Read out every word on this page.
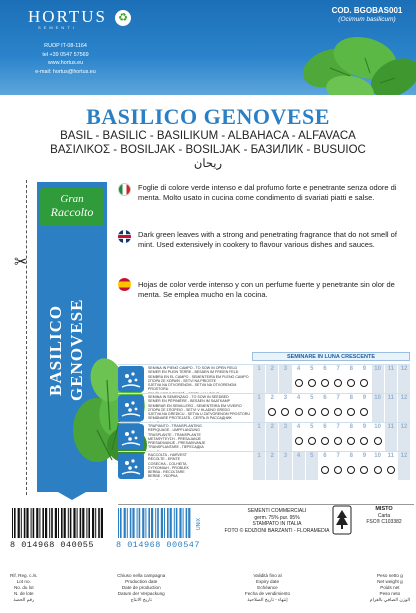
HORTUS
SEMENTI
♻
RUOP IT-08-1164
tel +39 0547 57569
www.hortus.eu
e-mail: hortus@hortus.eu
COD. BGOBAS001
(Ocimum basilicum)
BASILICO GENOVESE
BASIL - BASILIC - BASILIKUM - ALBAHACA - ALFAVACA
ΒΑΣΙΛΙΚΟΣ - BOSILJAK - BOSILJAK - БАЗИЛИК - BUSUIOC
ريحان
✂
Gran
Raccolto
BASILICO GENOVESE
Foglie di colore verde intenso e dal profumo forte e penetrante senza odore di menta. Molto usato in cucina come condimento di svariati piatti e salse.
Dark green leaves with a strong and penetrating fragrance that do not smell of mint. Used extensively in cookery to flavour various dishes and sauces.
Hojas de color verde intenso y con un perfume fuerte y penetrante sin olor de menta. Se emplea mucho en la cocina.
SEMINARE IN LUNA CRESCENTE
SEMINA IN PIENO CAMPO - TO SOW IN OPEN FIELD
SEMER EN PLEIN TERRE - BESÄEN IM FREIEN FELD
SEMBRA EN EL CAMPO - SEMENTEIRA EM PLENO CAMPO
ΣΠΟΡΑ ΣΕ ΧΩΡΑΦΙ - SETVI NA PRIOSTE
SJETVA NA OTVORENOM - SETVA NA OTVORENOM PROSTORU

1	2	3	4	5	6	7	8	9	10	11	12
SEMINA IN SEMENZAIO - TO SOW IN SEEDBED
SEMER EN PÉPINIÈRE - BESÄEN IM SAATKAMP
SEMBRAR EN SEMILLERO - SEMENTEIRA EM VIVEIRO
ΣΠΟΡΑ ΣΕ ΣΠΟΡΕΙΟ - SETVI V HLADNO GREDO
SJETVA NA GREDICU - SETVA U ZATVORENOM PROSTORU
SEMĂNARE PROTEJATĂ - СЕЯТЬ В РАССАДНИК

1	2	3	4	5	6	7	8	9	10	11	12
TRAPIANTO - TRANSPLANTING
REPIQUAGE - UMPFLANZUNG
TRASPLANTE - TRANSPLANTE
ΜΕΤΑΦΥΤΕΥΣΗ - PRESAJANJE
PRESAĐIVANJE - PRESAĐIVANJE
TRANSPLANTARE - ПЕРЕСАДКА

1	2	3	4	5	6	7	8	9	10	11	12
RACCOLTA - HARVEST
RÉCOLTE - ERNTE
COSECHA - COLHEITA
ΣΥΓΚΟΜΙΔΗ - PROBLEK
BERBA - RECOLTARE
BERBE - УБОРКА

1	2	3	4	5	6	7	8	9	10	11	12
8 014968 040055	8 014968 000547
UNIX
SEMENTI COMMERCIALI
germ. 75% pur. 95%
STAMPATO IN ITALIA
FOTO © EDIZIONI BARZANTI - FLORAMEDIA
MISTO
Carta
FSC® C103382
Rif. Reg. c./s.
Lot no.
No. du lot
N. de lote
رقم الحصة
Chiuso nella campagna
Production date
Date de production
Datum der Verpackung
تاريخ الانتاج
Validità fino al
Expiry date
Echéance
Fecha de vendimiento
إنتهاء - تاريخ الصلاحية
Peso netto g
Net weight g
Poids net
Peso neto
الوزن الصافي بالغرام
